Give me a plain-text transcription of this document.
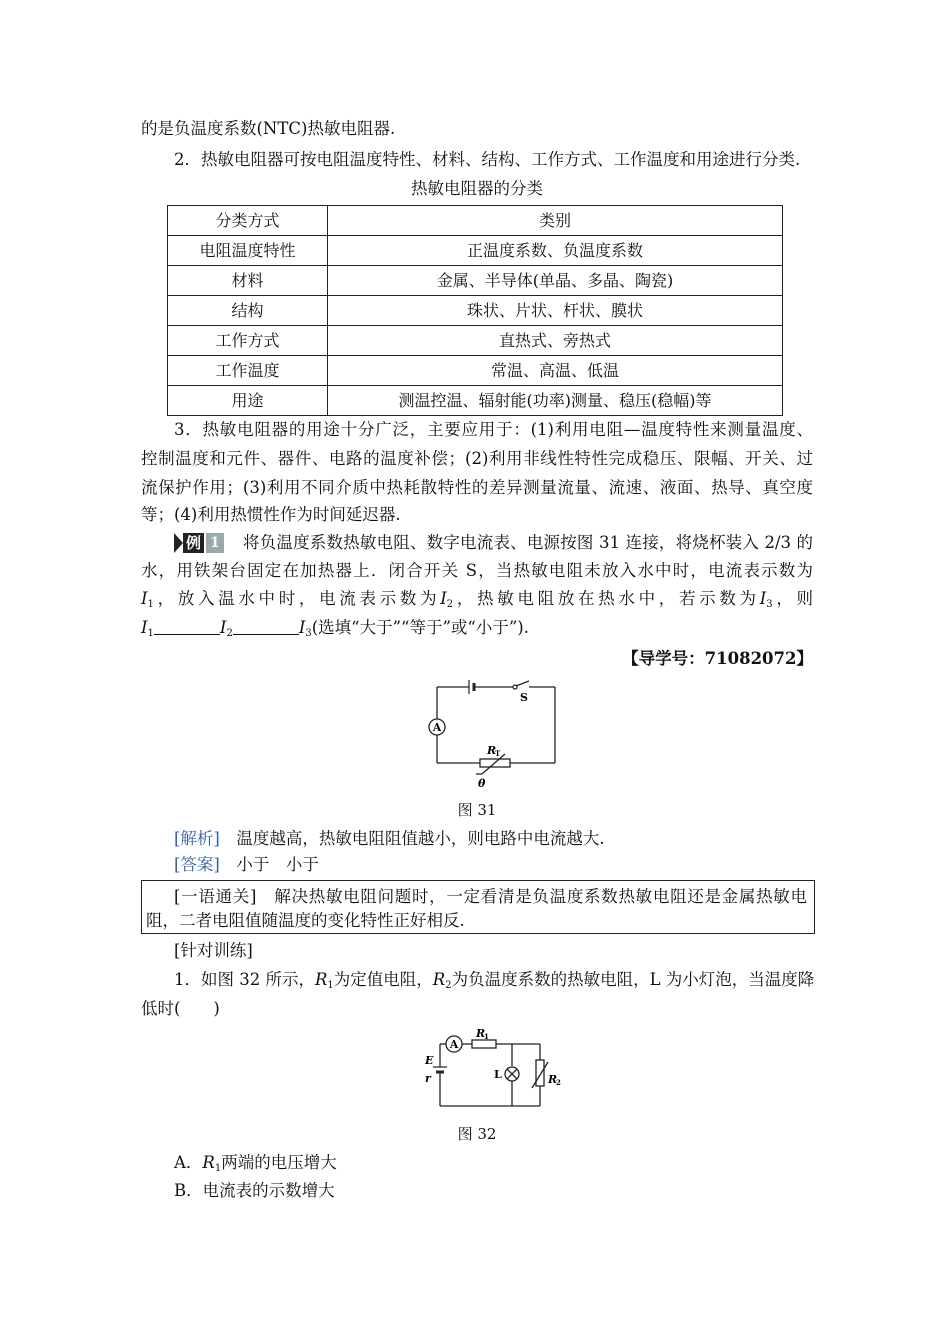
的是负温度系数(NTC)热敏电阻器.
2．热敏电阻器可按电阻温度特性、材料、结构、工作方式、工作温度和用途进行分类.
热敏电阻器的分类
分类方式	类别
电阻温度特性	正温度系数、负温度系数
材料	金属、半导体(单晶、多晶、陶瓷)
结构	珠状、片状、杆状、膜状
工作方式	直热式、旁热式
工作温度	常温、高温、低温
用途	测温控温、辐射能(功率)测量、稳压(稳幅)等
3．热敏电阻器的用途十分广泛，主要应用于：(1)利用电阻—温度特性来测量温度、
控制温度和元件、器件、电路的温度补偿；(2)利用非线性特性完成稳压、限幅、开关、过
流保护作用；(3)利用不同介质中热耗散特性的差异测量流量、流速、液面、热导、真空度
等；(4)利用热惯性作为时间延迟器.
例 1 将负温度系数热敏电阻、数字电流表、电源按图 31 连接，将烧杯装入 2/3 的
水，用铁架台固定在加热器上．闭合开关 S，当热敏电阻未放入水中时，电流表示数为
$I_1$，放入温水中时，电流表示数为$I_2$，热敏电阻放在热水中，若示数为$I_3$，则
$I_1$	$I_2$	$I_3$(选填“大于”“等于”或“小于”).
【导学号：71082072】
A
S
R
T
θ
图 31
[解析]　 温度越高，热敏电阻阻值越小，则电路中电流越大.
[答案]　 小于　小于
[一语通关]　 解决热敏电阻问题时，一定看清是负温度系数热敏电阻还是金属热敏电
阻，二者电阻值随温度的变化特性正好相反.
[针对训练]
1．如图 32 所示，$R_1$为定值电阻，$R_2$为负温度系数的热敏电阻，L 为小灯泡，当温度降
低时(　　)
A
R
1
E
r	L	R
2
图 32
A．$R_1$两端的电压增大
B．电流表的示数增大
